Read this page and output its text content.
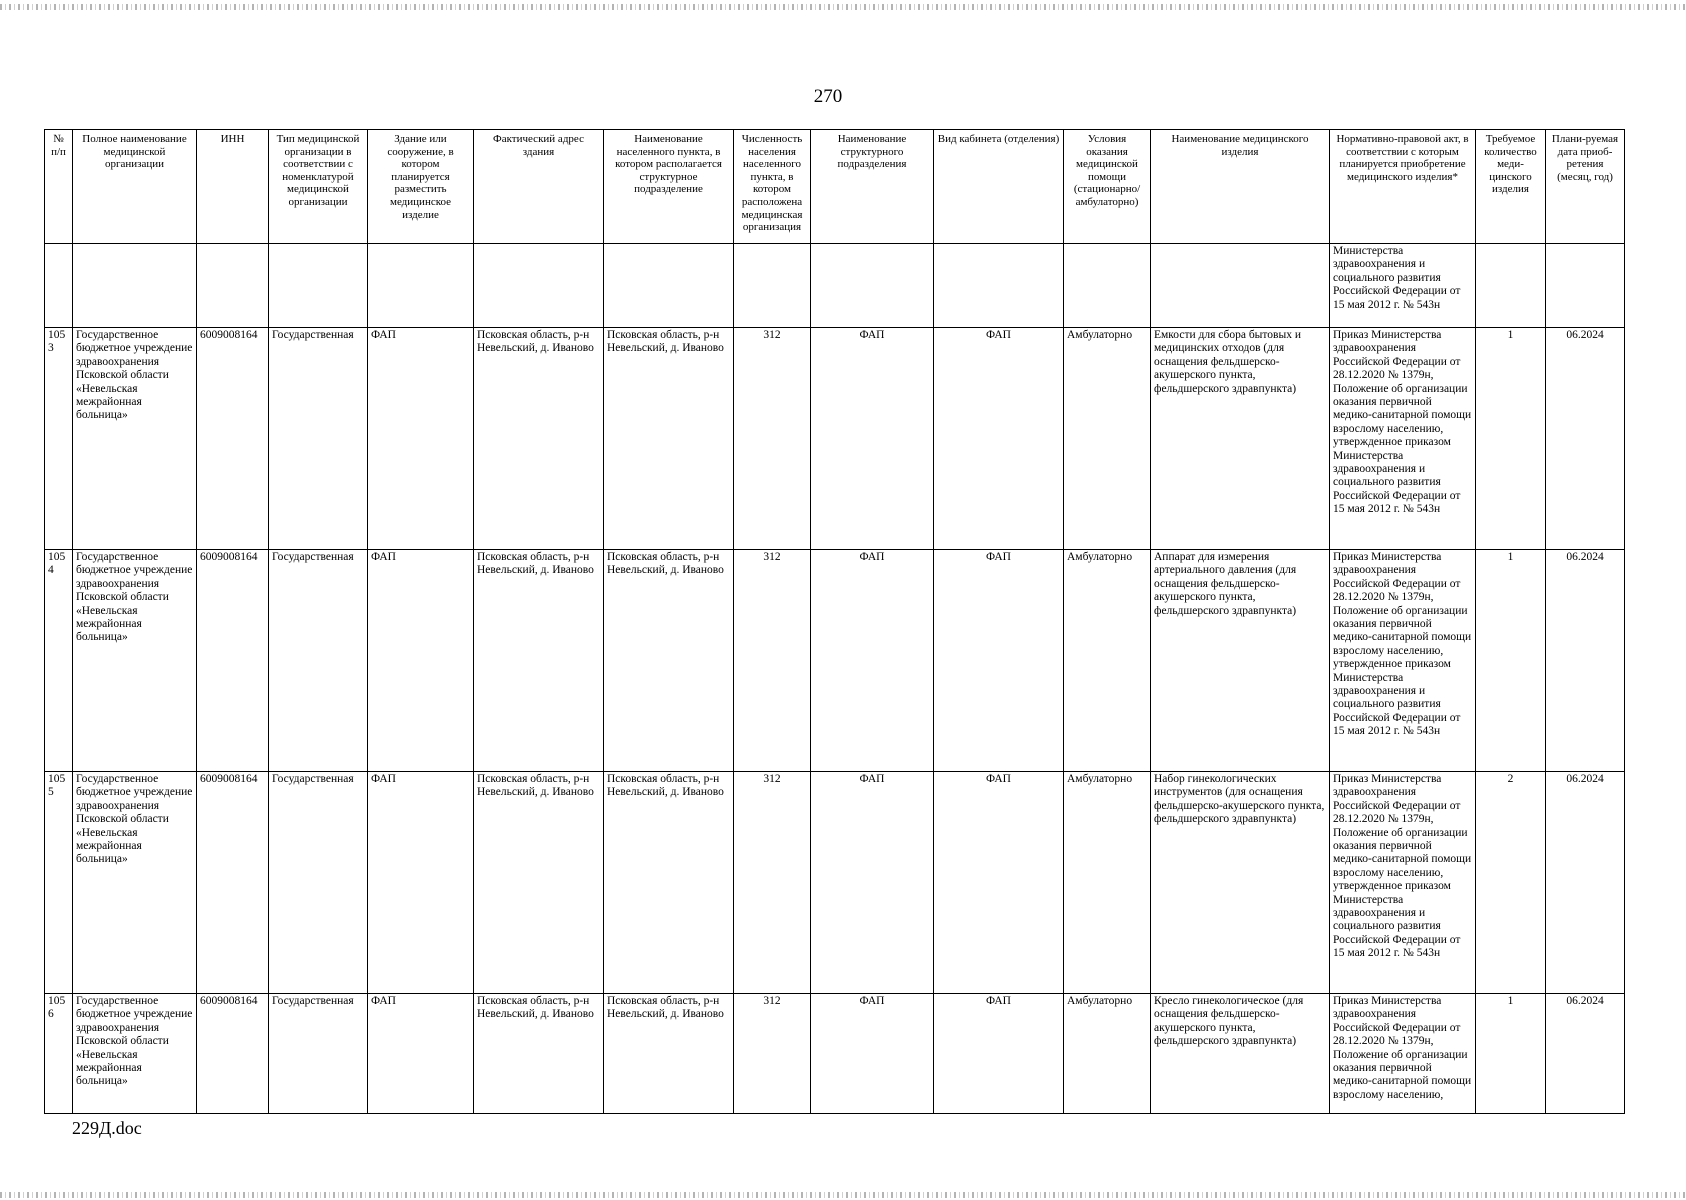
270
№ п/п	Полное наименование медицинской организации	ИНН	Тип медицинской организации в соответствии с номенклатурой медицинской организации	Здание или сооружение, в котором планируется разместить медицинское изделие	Фактический адрес здания	Наименование населенного пункта, в котором располагается структурное подразделение	Численность населения населенного пункта, в котором расположена медицинская организация	Наименование структурного подразделения	Вид кабинета (отделения)	Условия оказания медицинской помощи (стационарно/ амбулаторно)	Наименование медицинского изделия	Нормативно-правовой акт, в соответствии с которым планируется приобретение медицинского изделия*	Требуемое количество меди-цинского изделия	Плани-руемая дата приоб-ретения (месяц, год)
												Министерства здравоохранения и социального развития Российской Федерации от 15 мая 2012 г. № 543н		
1053	Государственное бюджетное учреждение здравоохранения Псковской области «Невельская межрайонная больница»	6009008164	Государственная	ФАП	Псковская область, р-н Невельский, д. Иваново	Псковская область, р-н Невельский, д. Иваново	312	ФАП	ФАП	Амбулаторно	Емкости для сбора бытовых и медицинских отходов (для оснащения фельдшерско-акушерского пункта, фельдшерского здравпункта)	Приказ Министерства здравоохранения Российской Федерации от 28.12.2020 № 1379н, Положение об организации оказания первичной медико-санитарной помощи взрослому населению, утвержденное приказом Министерства здравоохранения и социального развития Российской Федерации от 15 мая 2012 г. № 543н	1	06.2024
1054	Государственное бюджетное учреждение здравоохранения Псковской области «Невельская межрайонная больница»	6009008164	Государственная	ФАП	Псковская область, р-н Невельский, д. Иваново	Псковская область, р-н Невельский, д. Иваново	312	ФАП	ФАП	Амбулаторно	Аппарат для измерения артериального давления (для оснащения фельдшерско-акушерского пункта, фельдшерского здравпункта)	Приказ Министерства здравоохранения Российской Федерации от 28.12.2020 № 1379н, Положение об организации оказания первичной медико-санитарной помощи взрослому населению, утвержденное приказом Министерства здравоохранения и социального развития Российской Федерации от 15 мая 2012 г. № 543н	1	06.2024
1055	Государственное бюджетное учреждение здравоохранения Псковской области «Невельская межрайонная больница»	6009008164	Государственная	ФАП	Псковская область, р-н Невельский, д. Иваново	Псковская область, р-н Невельский, д. Иваново	312	ФАП	ФАП	Амбулаторно	Набор гинекологических инструментов (для оснащения фельдшерско-акушерского пункта, фельдшерского здравпункта)	Приказ Министерства здравоохранения Российской Федерации от 28.12.2020 № 1379н, Положение об организации оказания первичной медико-санитарной помощи взрослому населению, утвержденное приказом Министерства здравоохранения и социального развития Российской Федерации от 15 мая 2012 г. № 543н	2	06.2024
1056	Государственное бюджетное учреждение здравоохранения Псковской области «Невельская межрайонная больница»	6009008164	Государственная	ФАП	Псковская область, р-н Невельский, д. Иваново	Псковская область, р-н Невельский, д. Иваново	312	ФАП	ФАП	Амбулаторно	Кресло гинекологическое (для оснащения фельдшерско-акушерского пункта, фельдшерского здравпункта)	Приказ Министерства здравоохранения Российской Федерации от 28.12.2020 № 1379н, Положение об организации оказания первичной медико-санитарной помощи взрослому населению,	1	06.2024
229Д.doc
